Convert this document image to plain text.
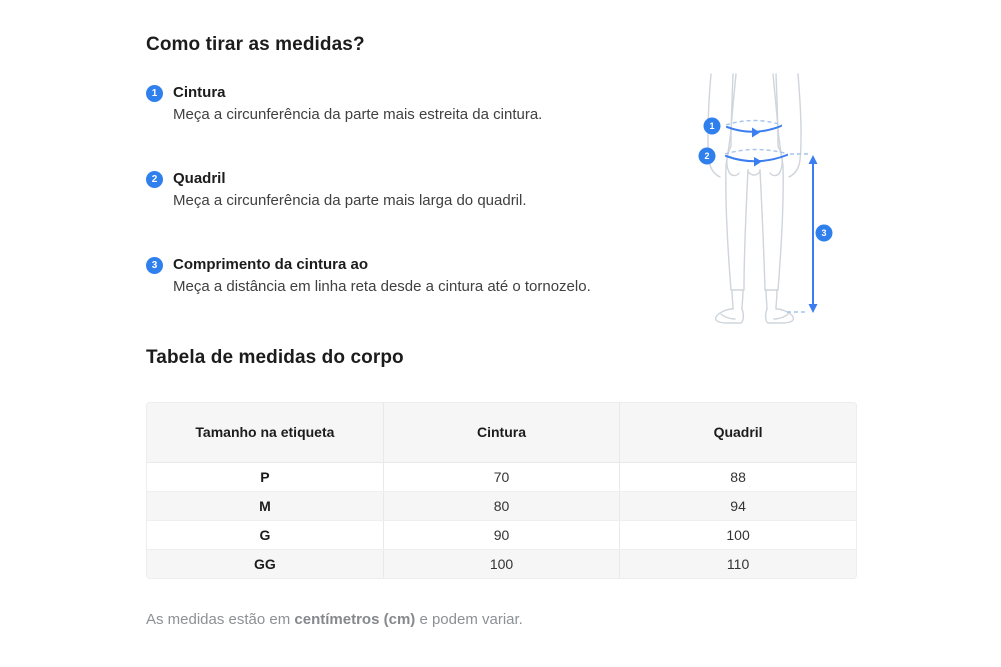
Como tirar as medidas?
1	Cintura
Meça a circunferência da parte mais estreita da cintura.
2	Quadril
Meça a circunferência da parte mais larga do quadril.
3	Comprimento da cintura ao
Meça a distância em linha reta desde a cintura até o tornozelo.
1
2
3
Tabela de medidas do corpo
Tamanho na etiqueta	Cintura	Quadril
P	70	88
M	80	94
G	90	100
GG	100	110
As medidas estão em centímetros (cm) e podem variar.
